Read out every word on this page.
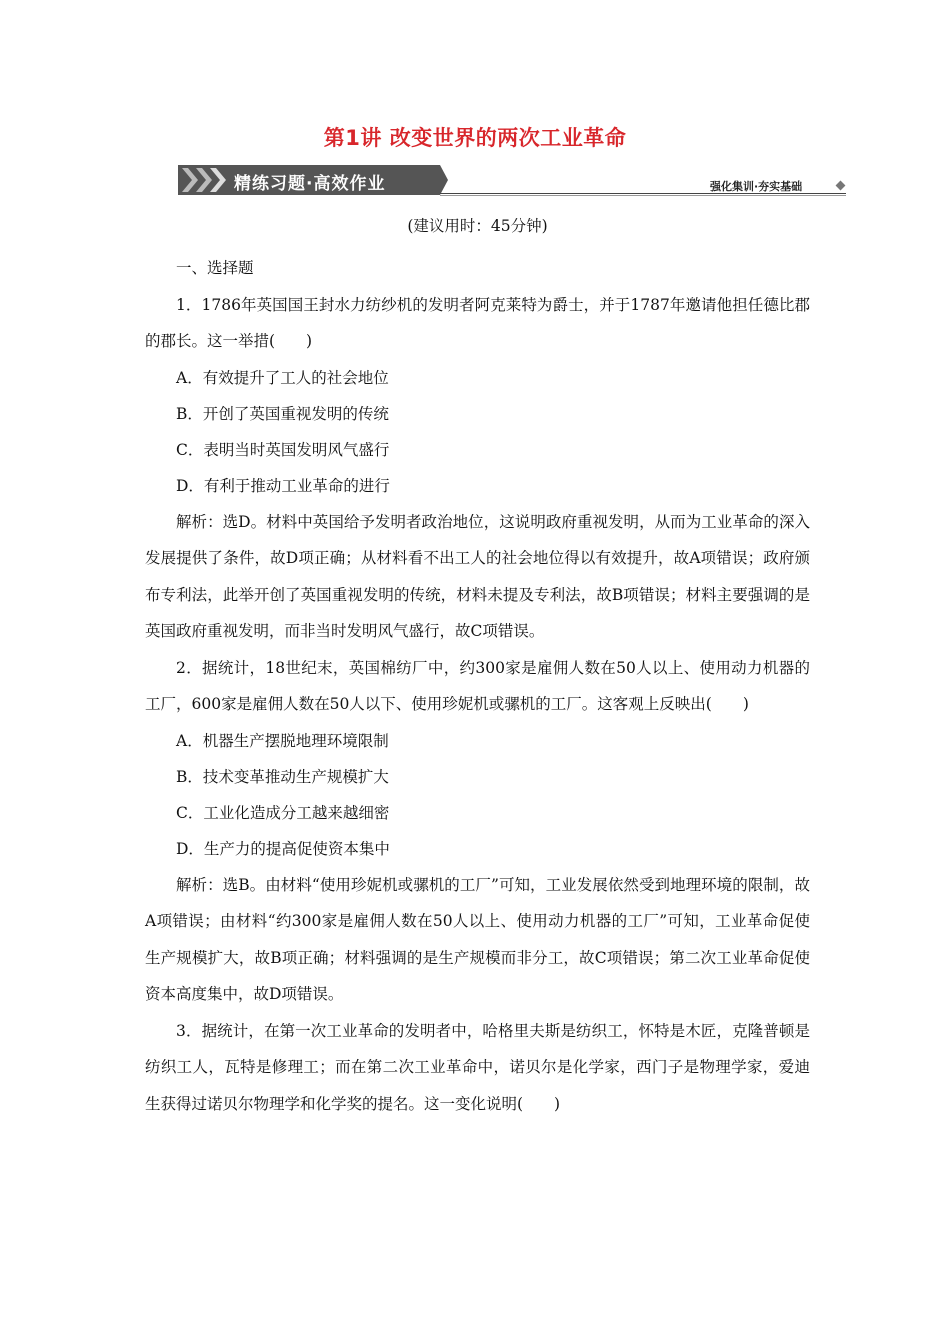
第1讲 改变世界的两次工业革命
精练习题·高效作业	强化集训·夯实基础
(建议用时：45分钟)

一、选择题

1．1786年英国国王封水力纺纱机的发明者阿克莱特为爵士，并于1787年邀请他担任德比郡的郡长。这一举措(　　)

A．有效提升了工人的社会地位

B．开创了英国重视发明的传统

C．表明当时英国发明风气盛行

D．有利于推动工业革命的进行

解析：选D。材料中英国给予发明者政治地位，这说明政府重视发明，从而为工业革命的深入发展提供了条件，故D项正确；从材料看不出工人的社会地位得以有效提升，故A项错误；政府颁布专利法，此举开创了英国重视发明的传统，材料未提及专利法，故B项错误；材料主要强调的是英国政府重视发明，而非当时发明风气盛行，故C项错误。

2．据统计，18世纪末，英国棉纺厂中，约300家是雇佣人数在50人以上、使用动力机器的工厂，600家是雇佣人数在50人以下、使用珍妮机或骡机的工厂。这客观上反映出(　　)

A．机器生产摆脱地理环境限制

B．技术变革推动生产规模扩大

C．工业化造成分工越来越细密

D．生产力的提高促使资本集中

解析：选B。由材料“使用珍妮机或骡机的工厂”可知，工业发展依然受到地理环境的限制，故A项错误；由材料“约300家是雇佣人数在50人以上、使用动力机器的工厂”可知，工业革命促使生产规模扩大，故B项正确；材料强调的是生产规模而非分工，故C项错误；第二次工业革命促使资本高度集中，故D项错误。

3．据统计，在第一次工业革命的发明者中，哈格里夫斯是纺织工，怀特是木匠，克隆普顿是纺织工人，瓦特是修理工；而在第二次工业革命中，诺贝尔是化学家，西门子是物理学家，爱迪生获得过诺贝尔物理学和化学奖的提名。这一变化说明(　　)
